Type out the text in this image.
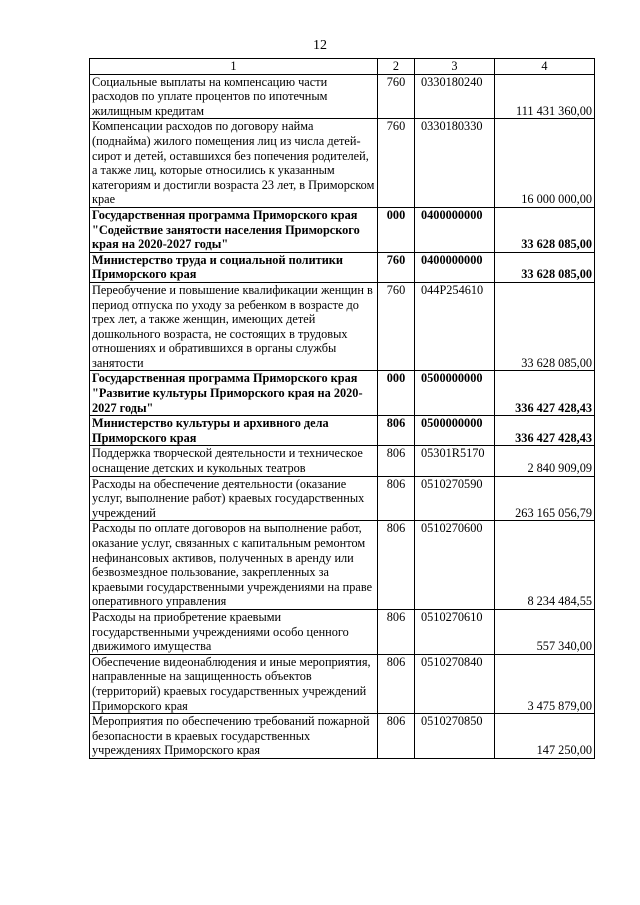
12
1	2	3	4
Социальные выплаты на компенсацию части расходов по уплате процентов по ипотечным жилищным кредитам	760	0330180240	111 431 360,00
Компенсации расходов по договору найма (поднайма) жилого помещения лиц из числа детей-сирот и детей, оставшихся без попечения родителей, а также лиц, которые относились к указанным категориям и достигли возраста 23 лет, в Приморском крае	760	0330180330	16 000 000,00
Государственная программа Приморского края "Содействие занятости населения Приморского края на 2020-2027 годы"	000	0400000000	33 628 085,00
Министерство труда и социальной политики Приморского края	760	0400000000	33 628 085,00
Переобучение и повышение квалификации женщин в период отпуска по уходу за ребенком в возрасте до трех лет, а также женщин, имеющих детей дошкольного возраста, не состоящих в трудовых отношениях и обратившихся в органы службы занятости	760	044P254610	33 628 085,00
Государственная программа Приморского края "Развитие культуры Приморского края на 2020-2027 годы"	000	0500000000	336 427 428,43
Министерство культуры и архивного дела Приморского края	806	0500000000	336 427 428,43
Поддержка творческой деятельности и техническое оснащение детских и кукольных театров	806	05301R5170	2 840 909,09
Расходы на обеспечение деятельности (оказание услуг, выполнение работ) краевых государственных учреждений	806	0510270590	263 165 056,79
Расходы по оплате договоров на выполнение работ, оказание услуг, связанных с капитальным ремонтом нефинансовых активов, полученных в аренду или безвозмездное пользование, закрепленных за краевыми государственными учреждениями на праве оперативного управления	806	0510270600	8 234 484,55
Расходы на приобретение краевыми государственными учреждениями особо ценного движимого имущества	806	0510270610	557 340,00
Обеспечение видеонаблюдения и иные мероприятия, направленные на защищенность объектов (территорий) краевых государственных учреждений Приморского края	806	0510270840	3 475 879,00
Мероприятия по обеспечению требований пожарной безопасности в краевых государственных учреждениях Приморского края	806	0510270850	147 250,00
